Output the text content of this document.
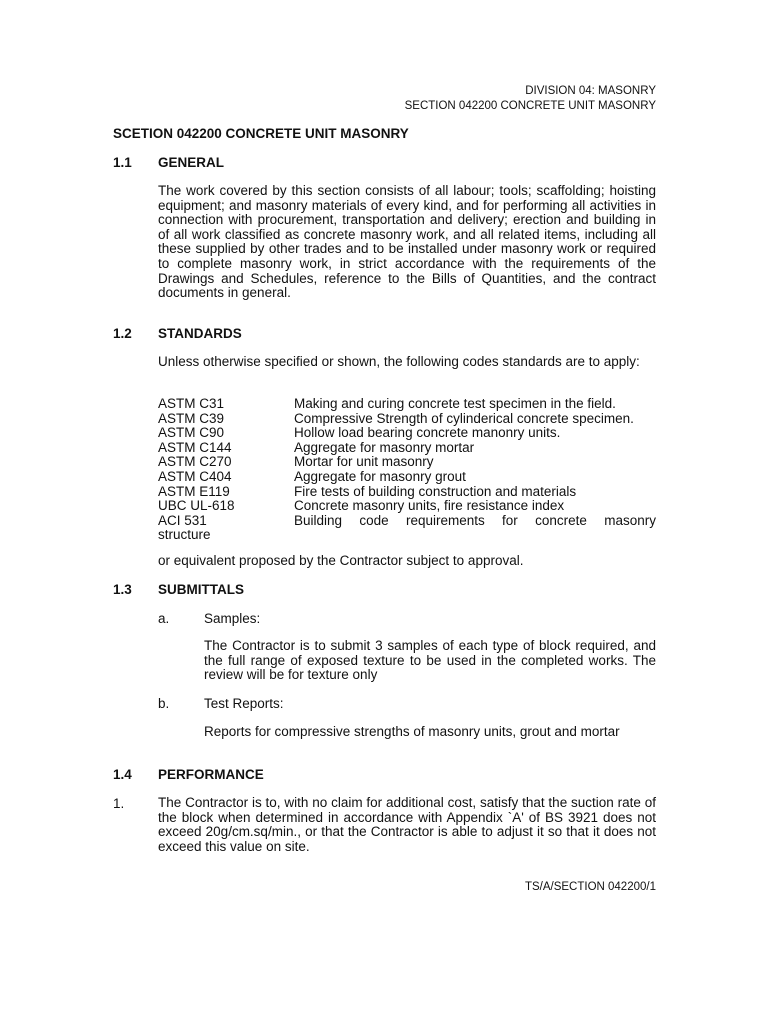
DIVISION 04: MASONRY
SECTION 042200 CONCRETE UNIT MASONRY
SCETION 042200 CONCRETE UNIT MASONRY
1.1 GENERAL
The work covered by this section consists of all labour; tools; scaffolding; hoisting equipment; and masonry materials of every kind, and for performing all activities in connection with procurement, transportation and delivery; erection and building in of all work classified as concrete masonry work, and all related items, including all these supplied by other trades and to be installed under masonry work or required to complete masonry work, in strict accordance with the requirements of the Drawings and Schedules, reference to the Bills of Quantities, and the contract documents in general.
1.2 STANDARDS
Unless otherwise specified or shown, the following codes standards are to apply:
ASTM C31	Making and curing concrete test specimen in the field.
ASTM C39	Compressive Strength of cylinderical concrete specimen.
ASTM C90	Hollow load bearing concrete manonry units.
ASTM C144	Aggregate for masonry mortar
ASTM C270	Mortar for unit masonry
ASTM C404	Aggregate for masonry grout
ASTM E119	Fire tests of building construction and materials
UBC UL-618	Concrete masonry units, fire resistance index
ACI 531	Building code requirements for concrete masonry
structure
or equivalent proposed by the Contractor subject to approval.
1.3 SUBMITTALS
a.	Samples:
The Contractor is to submit 3 samples of each type of block required, and the full range of exposed texture to be used in the completed works. The review will be for texture only
b.	Test Reports:
Reports for compressive strengths of masonry units, grout and mortar
1.4 PERFORMANCE
1. The Contractor is to, with no claim for additional cost, satisfy that the suction rate of the block when determined in accordance with Appendix `A' of BS 3921 does not exceed 20g/cm.sq/min., or that the Contractor is able to adjust it so that it does not exceed this value on site.
TS/A/SECTION 042200/1
